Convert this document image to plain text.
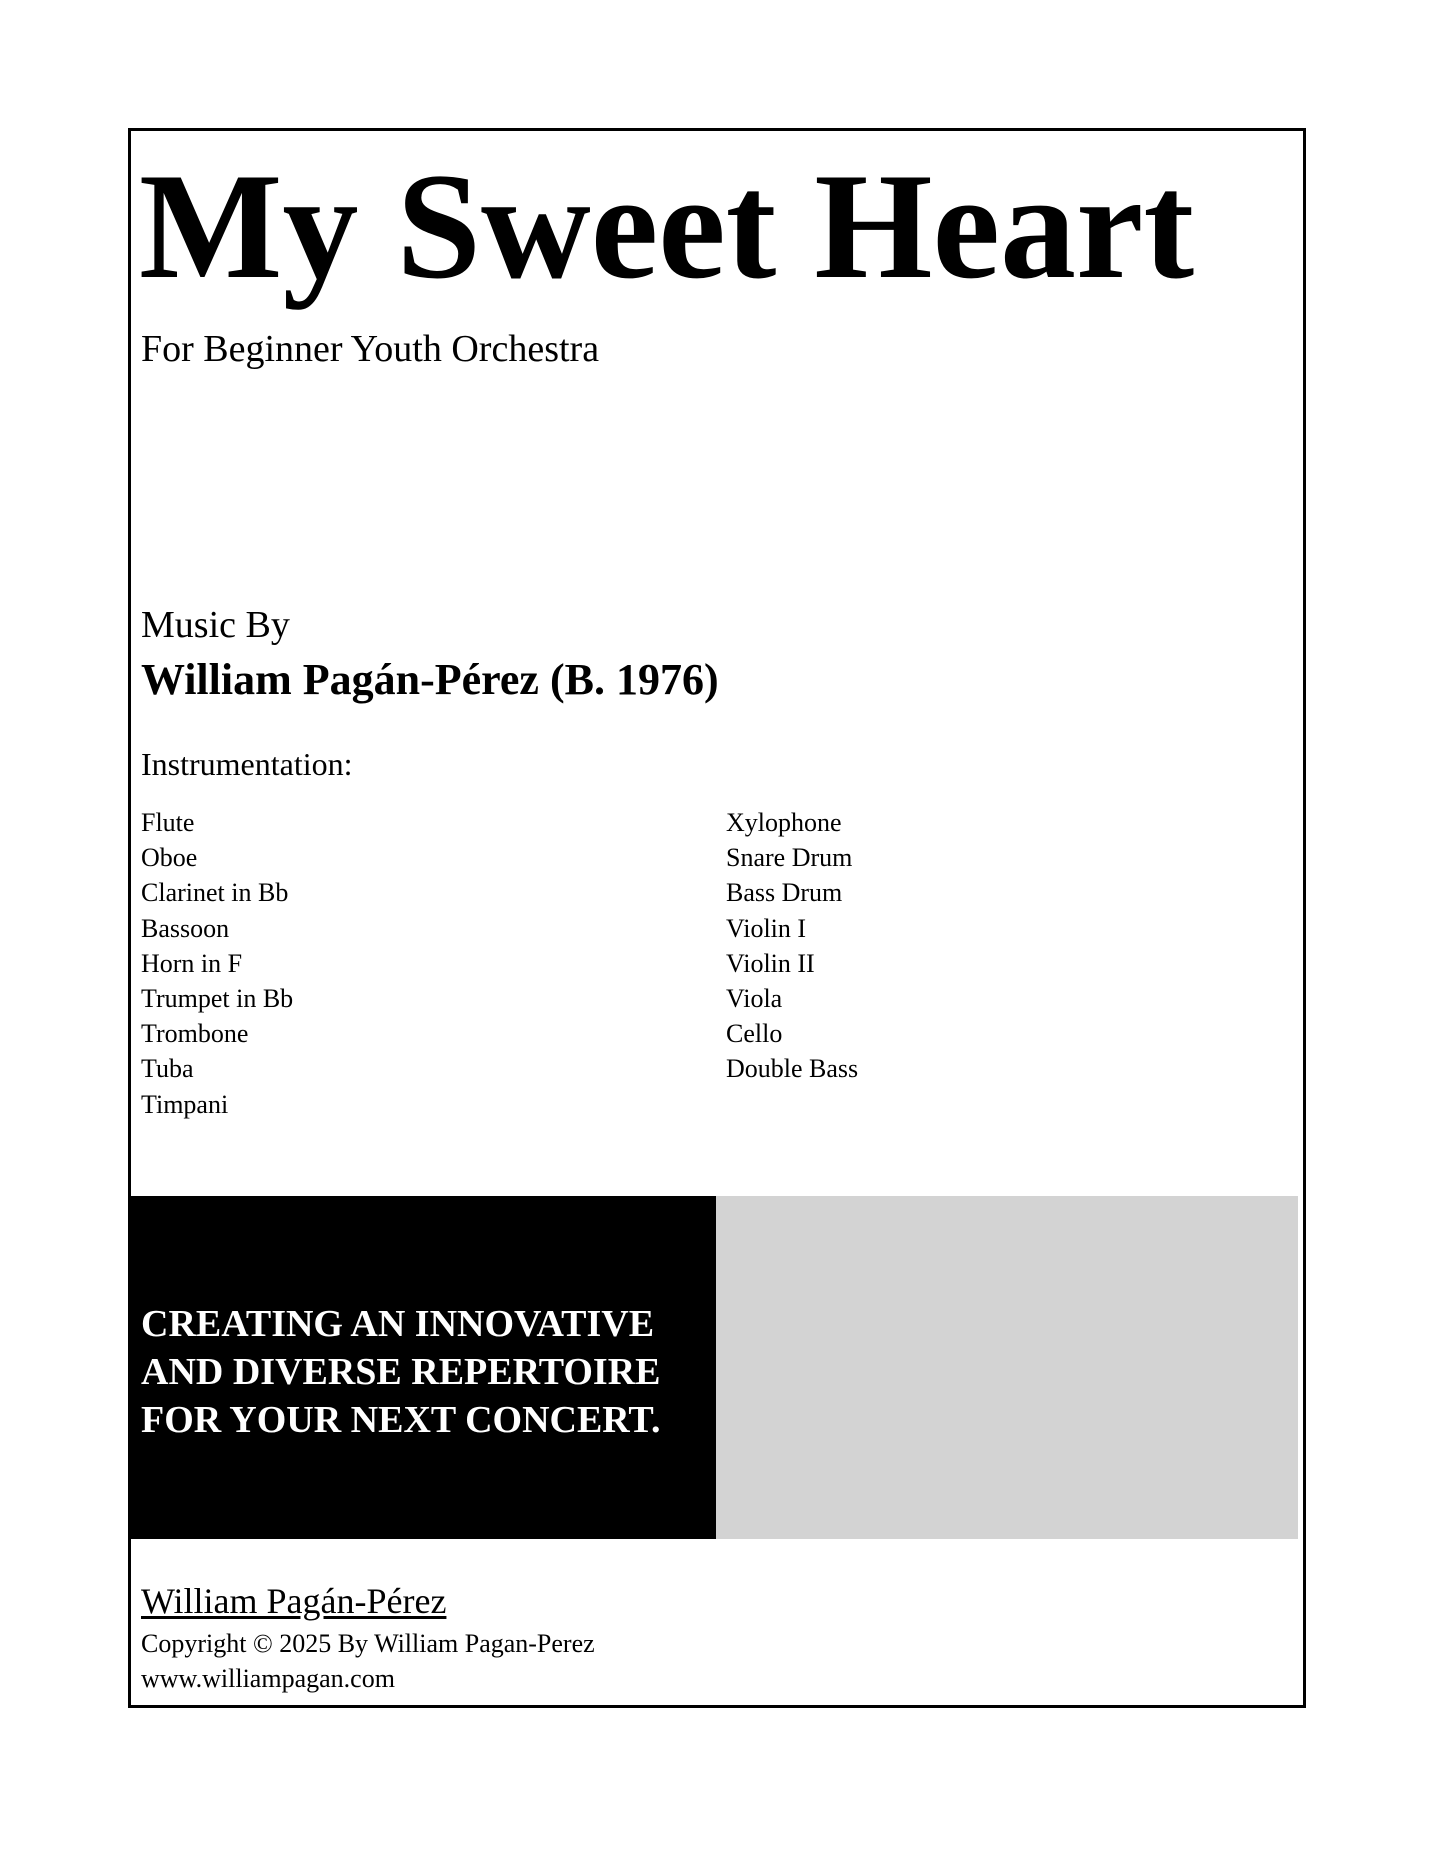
My Sweet Heart
For Beginner Youth Orchestra
Music By
William Pagán-Pérez (B. 1976)
Instrumentation:
Flute
Oboe
Clarinet in Bb
Bassoon
Horn in F
Trumpet in Bb
Trombone
Tuba
Timpani
Xylophone
Snare Drum
Bass Drum
Violin I
Violin II
Viola
Cello
Double Bass
CREATING AN INNOVATIVE
AND DIVERSE REPERTOIRE
FOR YOUR NEXT CONCERT.
William Pagán-Pérez
Copyright © 2025 By William Pagan-Perez
www.williampagan.com
